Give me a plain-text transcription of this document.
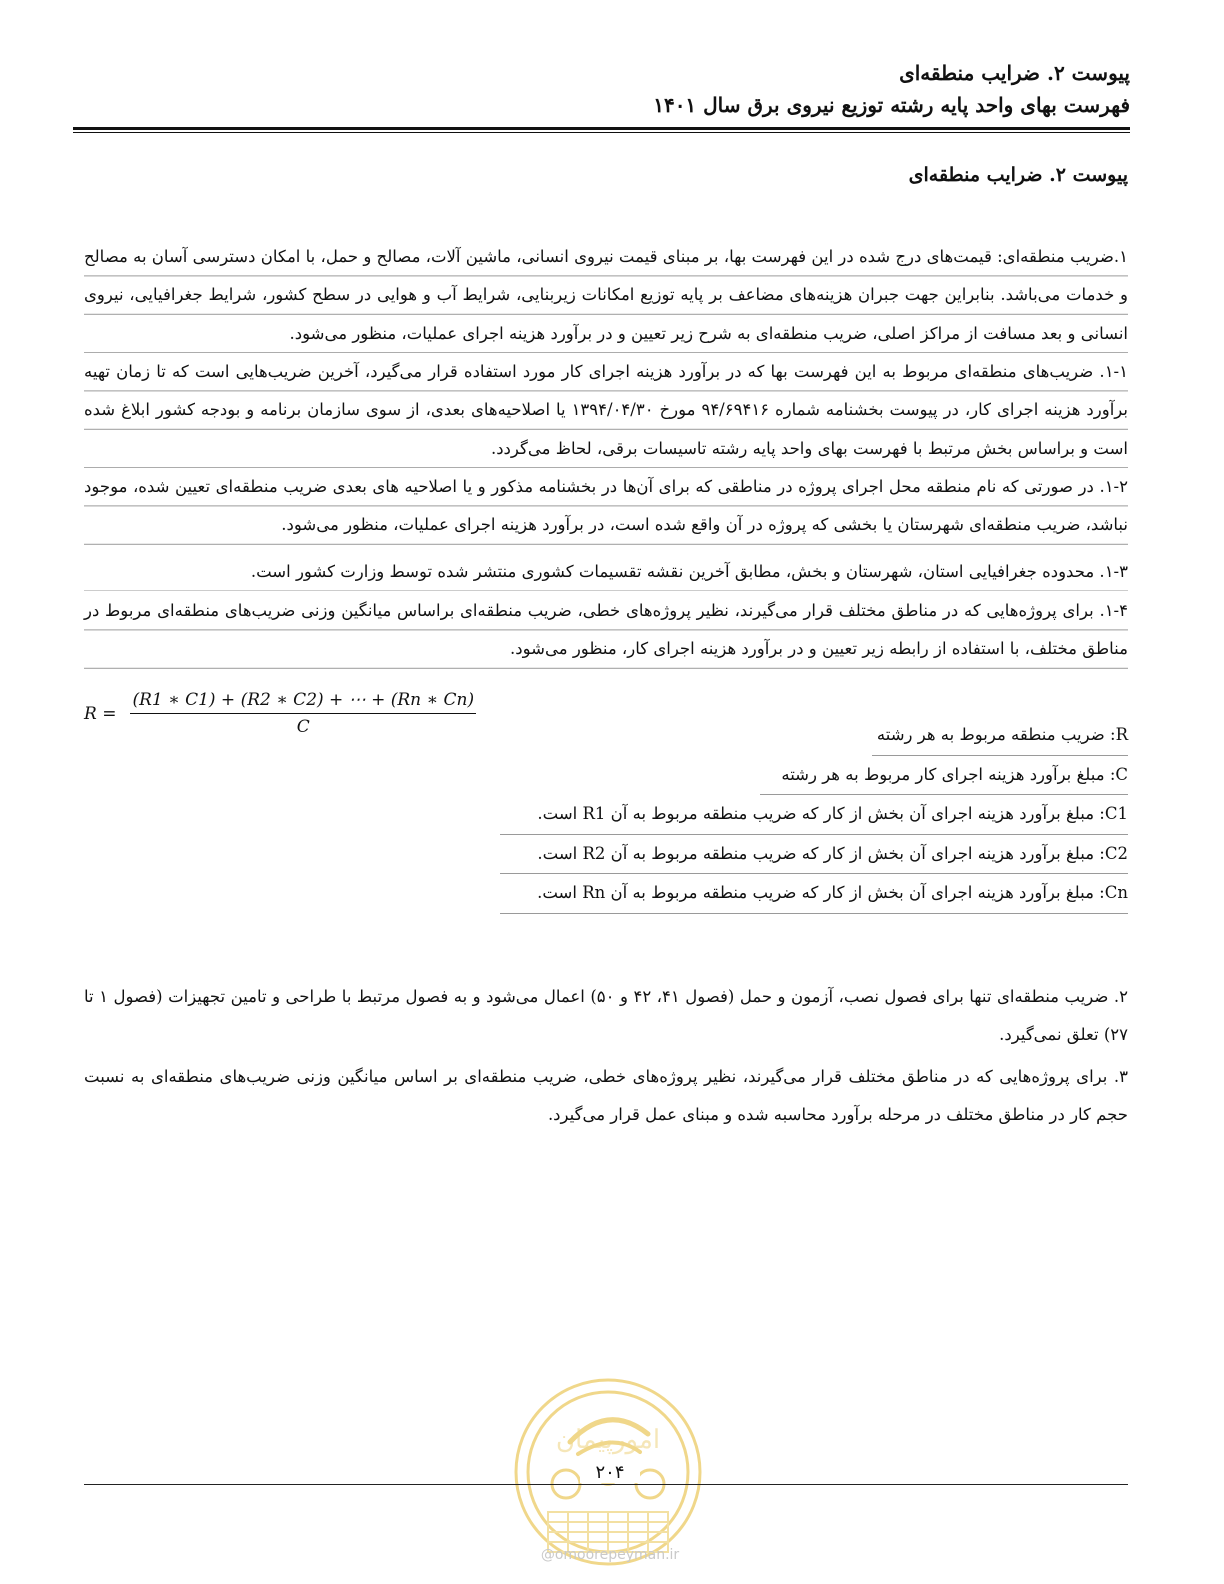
پیوست ۲. ضرایب منطقه‌ای
فهرست بهای واحد پایه رشته توزیع نیروی برق سال ۱۴۰۱
پیوست ۲. ضرایب منطقه‌ای
۱.ضریب منطقه‌ای: قیمت‌های درج شده در این فهرست بها، بر مبنای قیمت نیروی انسانی، ماشین آلات، مصالح و حمل، با امکان دسترسی آسان به مصالح و خدمات می‌باشد. بنابراین جهت جبران هزینه‌های مضاعف بر پایه توزیع امکانات زیربنایی، شرایط آب و هوایی در سطح کشور، شرایط جغرافیایی، نیروی انسانی و بعد مسافت از مراکز اصلی، ضریب منطقه‌ای به شرح زیر تعیین و در برآورد هزینه اجرای عملیات، منظور می‌شود.
۱-۱. ضریب‌های منطقه‌ای مربوط به این فهرست بها که در برآورد هزینه اجرای کار مورد استفاده قرار می‌گیرد، آخرین ضریب‌هایی است که تا زمان تهیه برآورد هزینه اجرای کار، در پیوست بخشنامه شماره ۹۴/۶۹۴۱۶ مورخ ۱۳۹۴/۰۴/۳۰ یا اصلاحیه‌های بعدی، از سوی سازمان برنامه و بودجه کشور ابلاغ شده است و براساس بخش مرتبط با فهرست بهای واحد پایه رشته تاسیسات برقی، لحاظ می‌گردد.
۱-۲. در صورتی که نام منطقه محل اجرای پروژه در مناطقی که برای آن‌ها در بخشنامه مذکور و یا اصلاحیه های بعدی ضریب منطقه‌ای تعیین شده، موجود نباشد، ضریب منطقه‌ای شهرستان یا بخشی که پروژه در آن واقع شده است، در برآورد هزینه اجرای عملیات، منظور می‌شود.
۱-۳. محدوده جغرافیایی استان، شهرستان و بخش، مطابق آخرین نقشه تقسیمات کشوری منتشر شده توسط وزارت کشور است.
۱-۴. برای پروژه‌هایی که در مناطق مختلف قرار می‌گیرند، نظیر پروژه‌های خطی، ضریب منطقه‌ای براساس میانگین وزنی ضریب‌های منطقه‌ای مربوط در مناطق مختلف، با استفاده از رابطه زیر تعیین و در برآورد هزینه اجرای کار، منظور می‌شود.
$R = \frac{(R1 ∗ C1) + (R2 ∗ C2) + \cdots + (Rn ∗ Cn)}{C}$	R: ضریب منطقه مربوط به هر رشته
C: مبلغ برآورد هزینه اجرای کار مربوط به هر رشته
C1: مبلغ برآورد هزینه اجرای آن بخش از کار که ضریب منطقه مربوط به آن R1 است.
C2: مبلغ برآورد هزینه اجرای آن بخش از کار که ضریب منطقه مربوط به آن R2 است.
Cn: مبلغ برآورد هزینه اجرای آن بخش از کار که ضریب منطقه مربوط به آن Rn است.
۲. ضریب منطقه‌ای تنها برای فصول نصب، آزمون و حمل (فصول ۴۱، ۴۲ و ۵۰) اعمال می‌شود و به فصول مرتبط با طراحی و تامین تجهیزات (فصول ۱ تا ۲۷) تعلق نمی‌گیرد.
۳. برای پروژه‌هایی که در مناطق مختلف قرار می‌گیرند، نظیر پروژه‌های خطی، ضریب منطقه‌ای بر اساس میانگین وزنی ضریب‌های منطقه‌ای به نسبت حجم کار در مناطق مختلف در مرحله برآورد محاسبه شده و مبنای عمل قرار می‌گیرد.
امورپیمان
۲۰۴
@omoorepeyman.ir
